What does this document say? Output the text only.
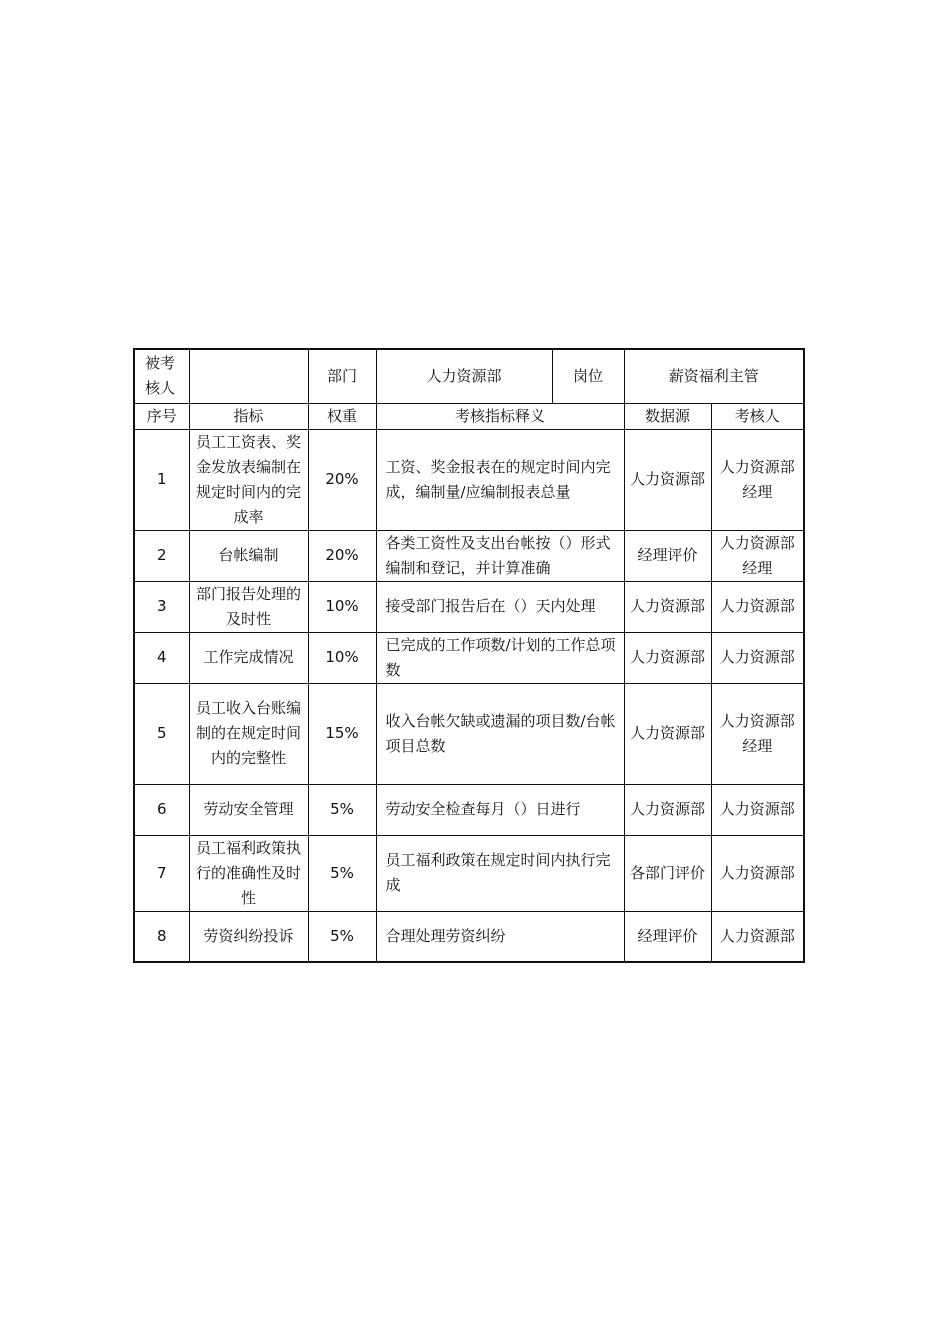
被考核人		部门	人力资源部	岗位	薪资福利主管	
序号	指标	权重	考核指标释义		数据源	考核人
1	员工工资表、奖金发放表编制在规定时间内的完成率	20%	工资、奖金报表在的规定时间内完成，编制量/应编制报表总量		人力资源部	人力资源部经理
2	台帐编制	20%	各类工资性及支出台帐按（）形式编制和登记，并计算准确		经理评价	人力资源部经理
3	部门报告处理的及时性	10%	接受部门报告后在（）天内处理		人力资源部	人力资源部
4	工作完成情况	10%	已完成的工作项数/计划的工作总项数		人力资源部	人力资源部
5	员工收入台账编制的在规定时间内的完整性	15%	收入台帐欠缺或遗漏的项目数/台帐项目总数		人力资源部	人力资源部经理
6	劳动安全管理	5%	劳动安全检查每月（）日进行		人力资源部	人力资源部
7	员工福利政策执行的准确性及时性	5%	员工福利政策在规定时间内执行完成		各部门评价	人力资源部
8	劳资纠纷投诉	5%	合理处理劳资纠纷		经理评价	人力资源部
